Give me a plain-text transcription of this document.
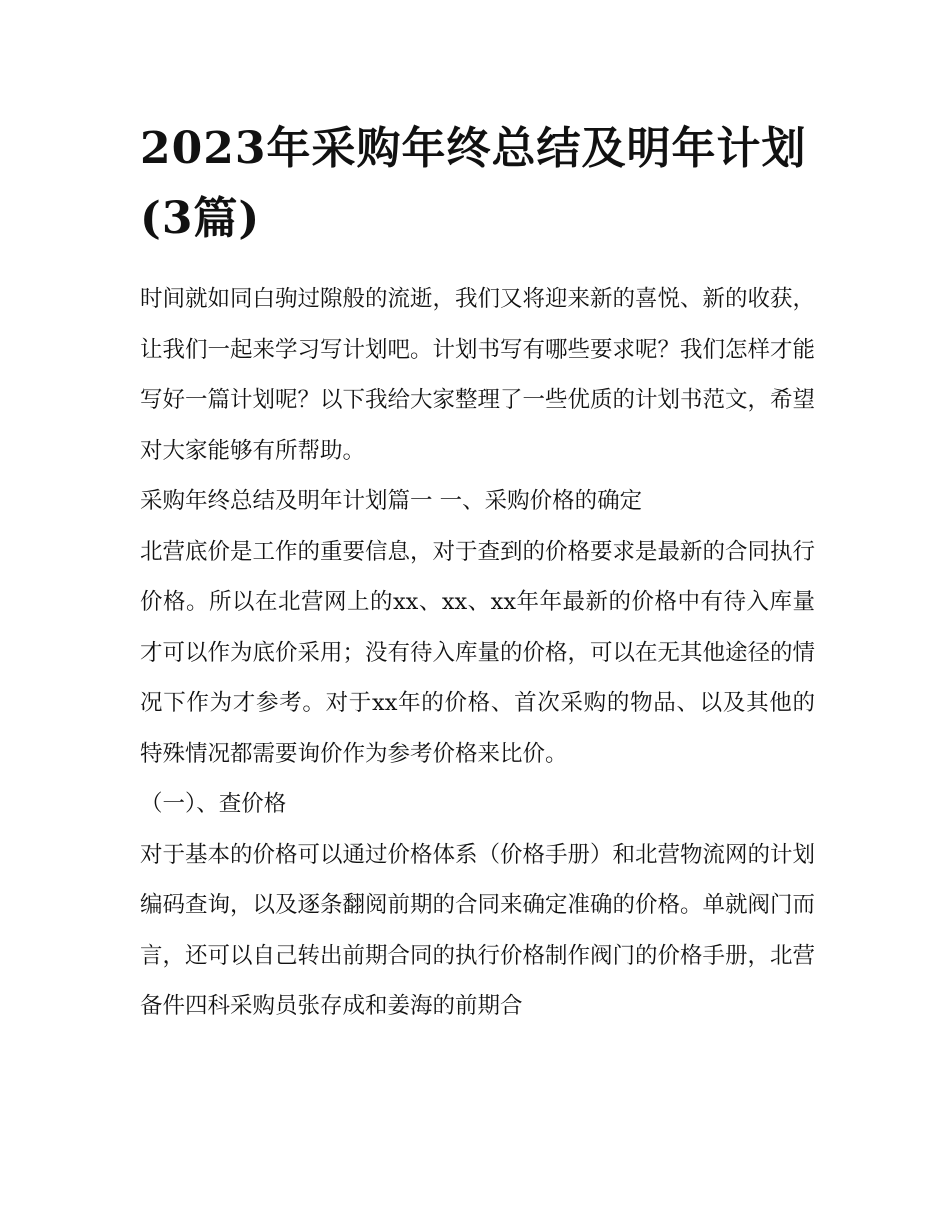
2023年采购年终总结及明年计划(3篇)

时间就如同白驹过隙般的流逝，我们又将迎来新的喜悦、新的收获，让我们一起来学习写计划吧。计划书写有哪些要求呢？我们怎样才能写好一篇计划呢？以下我给大家整理了一些优质的计划书范文，希望对大家能够有所帮助。

采购年终总结及明年计划篇一 一、采购价格的确定

北营底价是工作的重要信息，对于查到的价格要求是最新的合同执行价格。所以在北营网上的xx、xx、xx年年最新的价格中有待入库量才可以作为底价采用；没有待入库量的价格，可以在无其他途径的情况下作为才参考。对于xx年的价格、首次采购的物品、以及其他的特殊情况都需要询价作为参考价格来比价。

（一）、查价格

对于基本的价格可以通过价格体系（价格手册）和北营物流网的计划编码查询，以及逐条翻阅前期的合同来确定准确的价格。单就阀门而言，还可以自己转出前期合同的执行价格制作阀门的价格手册，北营备件四科采购员张存成和姜海的前期合
